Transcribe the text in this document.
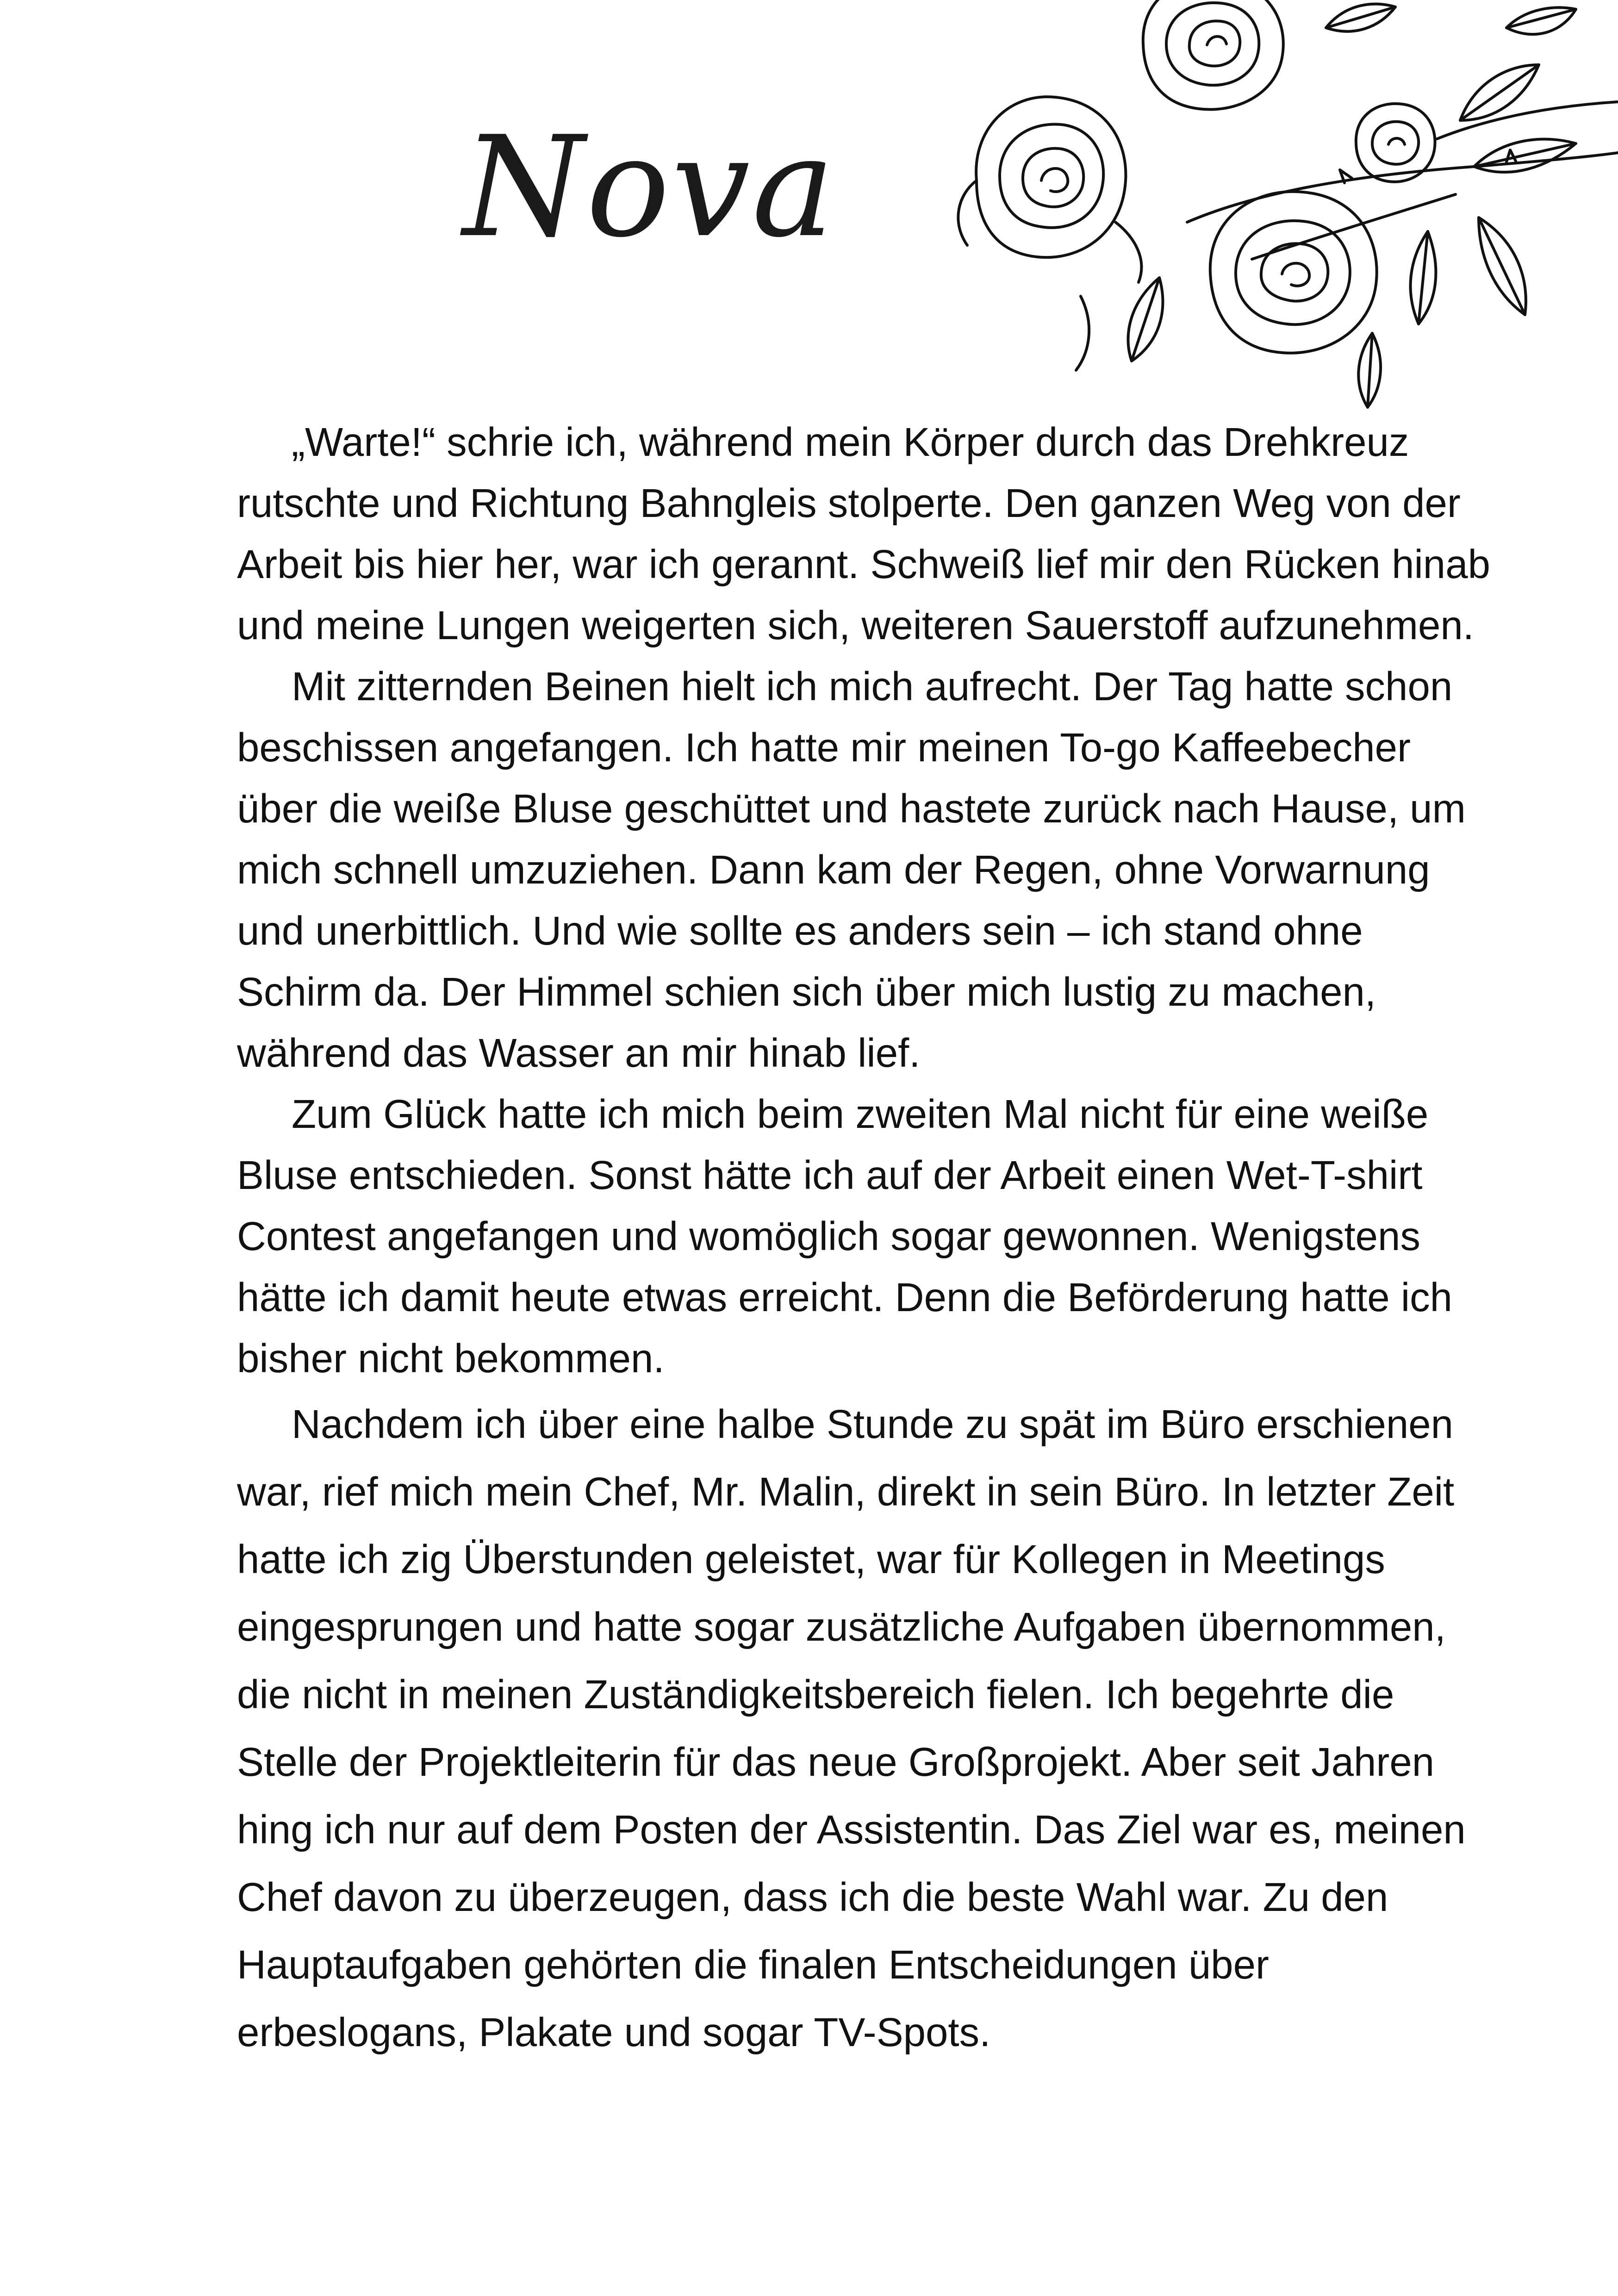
Nova

„Warte!“ schrie ich, während mein Körper durch das Drehkreuz
rutschte und Richtung Bahngleis stolperte. Den ganzen Weg von der
Arbeit bis hier her, war ich gerannt. Schweiß lief mir den Rücken hinab
und meine Lungen weigerten sich, weiteren Sauerstoff aufzunehmen.

Mit zitternden Beinen hielt ich mich aufrecht. Der Tag hatte schon
beschissen angefangen. Ich hatte mir meinen To-go Kaffeebecher
über die weiße Bluse geschüttet und hastete zurück nach Hause, um
mich schnell umzuziehen. Dann kam der Regen, ohne Vorwarnung
und unerbittlich. Und wie sollte es anders sein – ich stand ohne
Schirm da. Der Himmel schien sich über mich lustig zu machen,
während das Wasser an mir hinab lief.

Zum Glück hatte ich mich beim zweiten Mal nicht für eine weiße
Bluse entschieden. Sonst hätte ich auf der Arbeit einen Wet-T-shirt
Contest angefangen und womöglich sogar gewonnen. Wenigstens
hätte ich damit heute etwas erreicht. Denn die Beförderung hatte ich
bisher nicht bekommen.

Nachdem ich über eine halbe Stunde zu spät im Büro erschienen
war, rief mich mein Chef, Mr. Malin, direkt in sein Büro. In letzter Zeit
hatte ich zig Überstunden geleistet, war für Kollegen in Meetings
eingesprungen und hatte sogar zusätzliche Aufgaben übernommen,
die nicht in meinen Zuständigkeitsbereich fielen. Ich begehrte die
Stelle der Projektleiterin für das neue Großprojekt. Aber seit Jahren
hing ich nur auf dem Posten der Assistentin. Das Ziel war es, meinen
Chef davon zu überzeugen, dass ich die beste Wahl war. Zu den
Hauptaufgaben gehörten die finalen Entscheidungen über
erbeslogans, Plakate und sogar TV-Spots.
